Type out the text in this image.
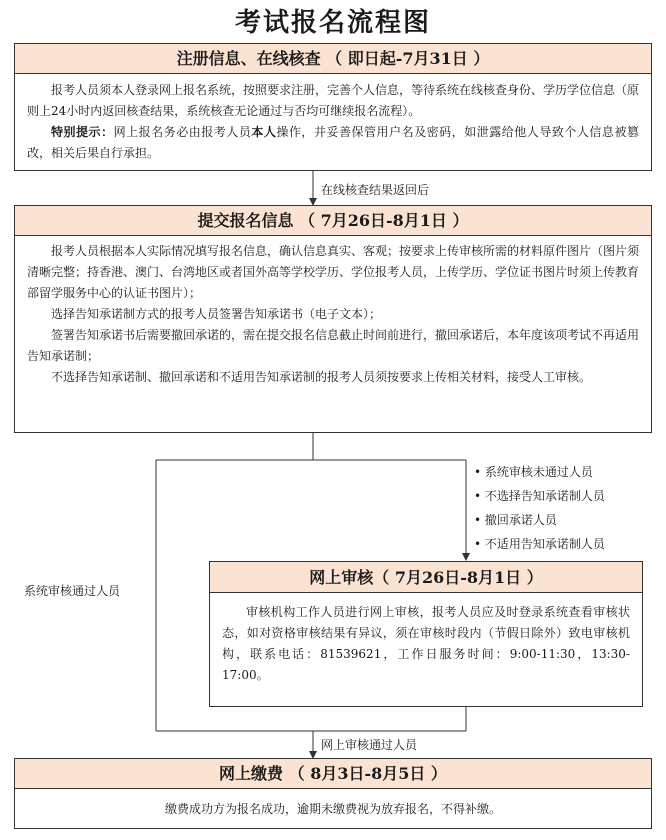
考试报名流程图
注册信息、在线核查 （ 即日起-7月31日 ）

报考人员须本人登录网上报名系统，按照要求注册，完善个人信息，等待系统在线核查身份、学历学位信息（原则上24小时内返回核查结果，系统核查无论通过与否均可继续报名流程）。

特别提示：网上报名务必由报考人员本人操作，并妥善保管用户名及密码，如泄露给他人导致个人信息被篡改，相关后果自行承担。

在线核查结果返回后
提交报名信息 （ 7月26日-8月1日 ）

报考人员根据本人实际情况填写报名信息，确认信息真实、客观；按要求上传审核所需的材料原件图片（图片须清晰完整；持香港、澳门、台湾地区或者国外高等学校学历、学位报考人员，上传学历、学位证书图片时须上传教育部留学服务中心的认证书图片）；

选择告知承诺制方式的报考人员签署告知承诺书（电子文本）；

签署告知承诺书后需要撤回承诺的，需在提交报名信息截止时间前进行，撤回承诺后，本年度该项考试不再适用告知承诺制；

不选择告知承诺制、撤回承诺和不适用告知承诺制的报考人员须按要求上传相关材料，接受人工审核。

系统审核通过人员
• 系统审核未通过人员
• 不选择告知承诺制人员
• 撤回承诺人员
• 不适用告知承诺制人员
网上审核（ 7月26日-8月1日 ）

审核机构工作人员进行网上审核，报考人员应及时登录系统查看审核状态，如对资格审核结果有异议，须在审核时段内（节假日除外）致电审核机构，联系电话：81539621，工作日服务时间：9:00-11:30，13:30-17:00。

网上审核通过人员
网上缴费 （ 8月3日-8月5日 ）
缴费成功方为报名成功，逾期未缴费视为放弃报名，不得补缴。
